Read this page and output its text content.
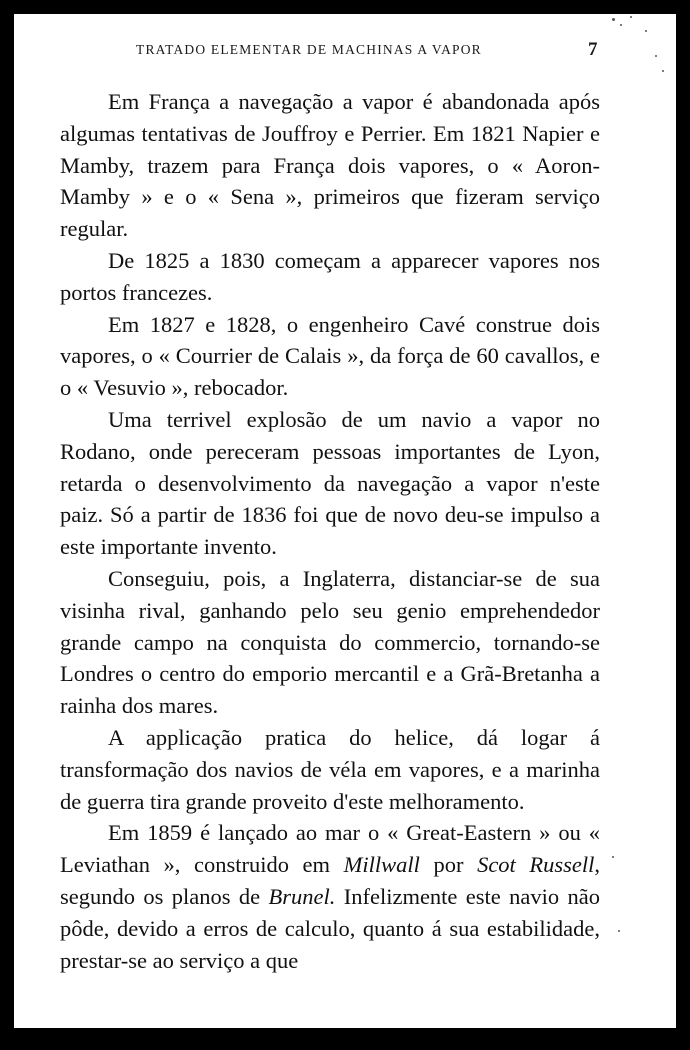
TRATADO ELEMENTAR DE MACHINAS A VAPOR	7

Em França a navegação a vapor é abandonada após algumas tentativas de Jouffroy e Perrier. Em 1821 Napier e Mamby, trazem para França dois vapores, o « Aoron-Mamby » e o « Sena », primeiros que fizeram serviço regular.

De 1825 a 1830 começam a apparecer vapores nos portos francezes.

Em 1827 e 1828, o engenheiro Cavé construe dois vapores, o « Courrier de Calais », da força de 60 cavallos, e o « Vesuvio », rebocador.

Uma terrivel explosão de um navio a vapor no Rodano, onde pereceram pessoas importantes de Lyon, retarda o desenvolvimento da navegação a vapor n'este paiz. Só a partir de 1836 foi que de novo deu-se impulso a este importante invento.

Conseguiu, pois, a Inglaterra, distanciar-se de sua visinha rival, ganhando pelo seu genio emprehendedor grande campo na conquista do commercio, tornando-se Londres o centro do emporio mercantil e a Grã-Bretanha a rainha dos mares.

A applicação pratica do helice, dá logar á transformação dos navios de véla em vapores, e a marinha de guerra tira grande proveito d'este melhoramento.

Em 1859 é lançado ao mar o « Great-Eastern » ou « Leviathan », construido em Millwall por Scot Russell, segundo os planos de Brunel. Infelizmente este navio não pôde, devido a erros de calculo, quanto á sua estabilidade, prestar-se ao serviço a que
